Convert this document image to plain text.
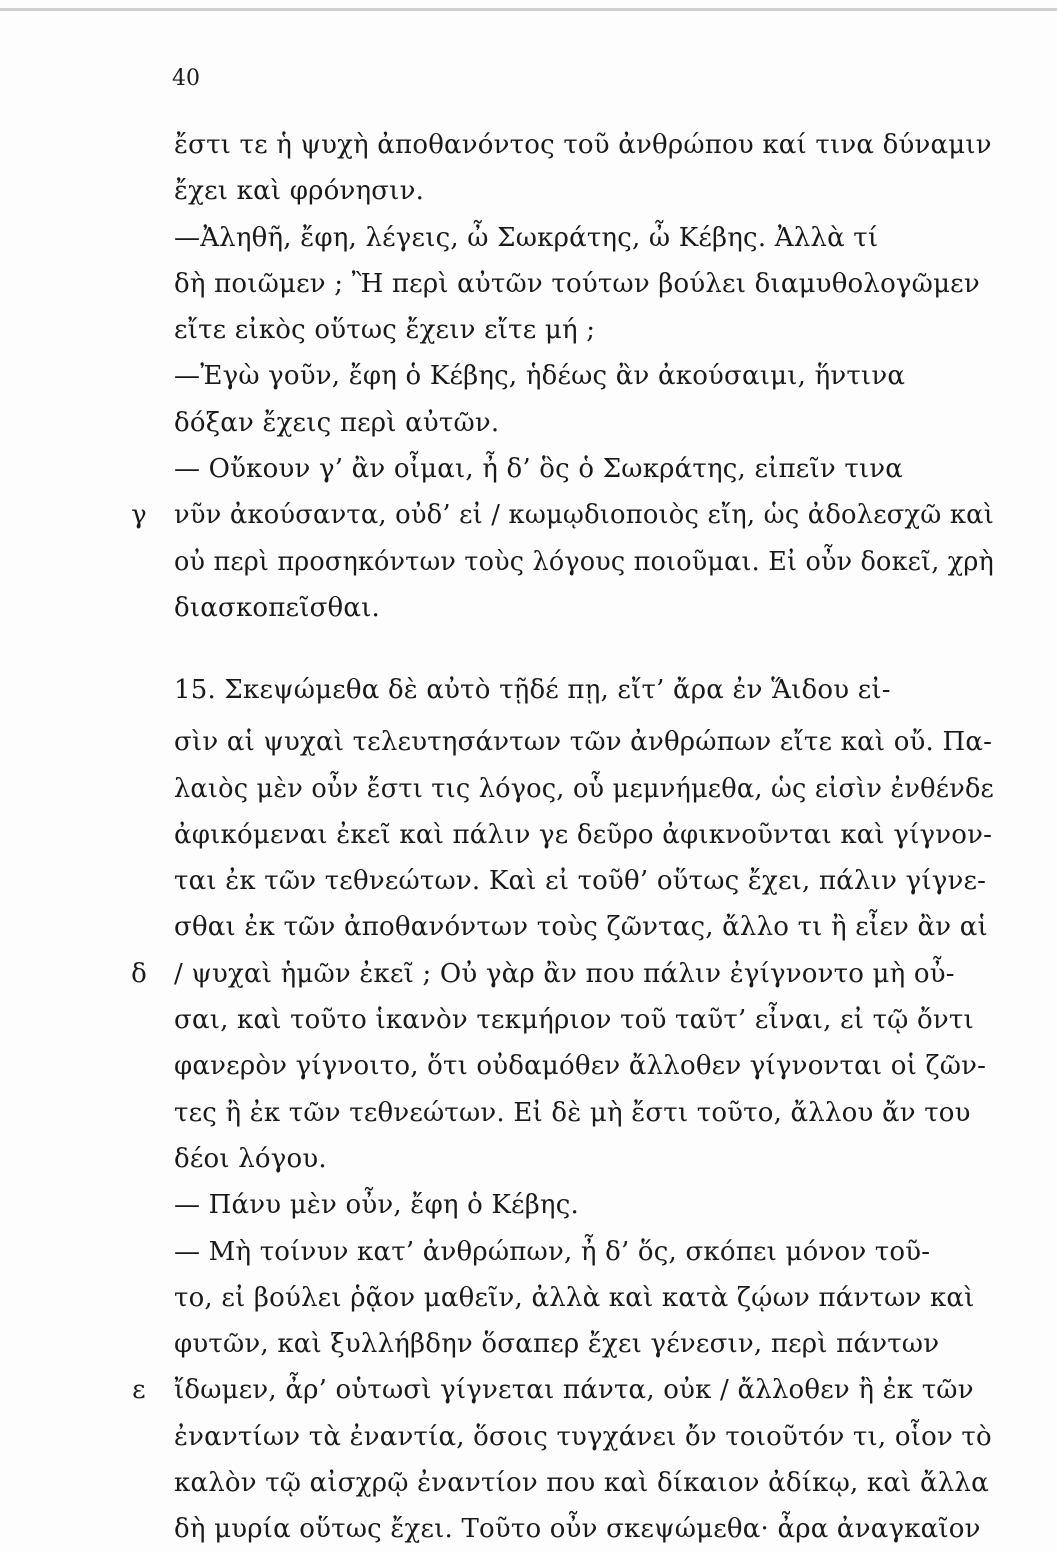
40
ἔστι τε ἡ ψυχὴ ἀποθανόντος τοῦ ἀνθρώπου καί τινα δύναμιν
ἔχει καὶ φρόνησιν.
—Ἀληθῆ, ἔφη, λέγεις, ὦ Σωκράτης, ὦ Κέβης. Ἀλλὰ τί
δὴ ποιῶμεν ; Ἢ περὶ αὐτῶν τούτων βούλει διαμυθολογῶμεν
εἴτε εἰκὸς οὕτως ἔχειν εἴτε μή ;
—Ἐγὼ γοῦν, ἔφη ὁ Κέβης, ἡδέως ἂν ἀκούσαιμι, ἥντινα
δόξαν ἔχεις περὶ αὐτῶν.
— Οὔκουν γ’ ἂν οἶμαι, ἦ δ’ ὃς ὁ Σωκράτης, εἰπεῖν τινα
γ νῦν ἀκούσαντα, οὐδ’ εἰ / κωμῳδιοποιὸς εἴη, ὡς ἀδολεσχῶ καὶ
οὐ περὶ προσηκόντων τοὺς λόγους ποιοῦμαι. Εἰ οὖν δοκεῖ, χρὴ
διασκοπεῖσθαι.
15. Σκεψώμεθα δὲ αὐτὸ τῇδέ πῃ, εἴτ’ ἄρα ἐν Ἅιδου εἰ-
σὶν αἱ ψυχαὶ τελευτησάντων τῶν ἀνθρώπων εἴτε καὶ οὔ. Πα-
λαιὸς μὲν οὖν ἔστι τις λόγος, οὗ μεμνήμεθα, ὡς εἰσὶν ἐνθένδε
ἀφικόμεναι ἐκεῖ καὶ πάλιν γε δεῦρο ἀφικνοῦνται καὶ γίγνον-
ται ἐκ τῶν τεθνεώτων. Καὶ εἰ τοῦθ’ οὕτως ἔχει, πάλιν γίγνε-
σθαι ἐκ τῶν ἀποθανόντων τοὺς ζῶντας, ἄλλο τι ἢ εἶεν ἂν αἱ
δ / ψυχαὶ ἡμῶν ἐκεῖ ; Οὐ γὰρ ἂν που πάλιν ἐγίγνοντο μὴ οὖ-
σαι, καὶ τοῦτο ἱκανὸν τεκμήριον τοῦ ταῦτ’ εἶναι, εἰ τῷ ὄντι
φανερὸν γίγνοιτο, ὅτι οὐδαμόθεν ἄλλοθεν γίγνονται οἱ ζῶν-
τες ἢ ἐκ τῶν τεθνεώτων. Εἰ δὲ μὴ ἔστι τοῦτο, ἄλλου ἄν του
δέοι λόγου.
— Πάνυ μὲν οὖν, ἔφη ὁ Κέβης.
— Μὴ τοίνυν κατ’ ἀνθρώπων, ἦ δ’ ὅς, σκόπει μόνον τοῦ-
το, εἰ βούλει ῥᾷον μαθεῖν, ἀλλὰ καὶ κατὰ ζῴων πάντων καὶ
φυτῶν, καὶ ξυλλήβδην ὅσαπερ ἔχει γένεσιν, περὶ πάντων
ε	ἴδωμεν, ἆρ’ οὑτωσὶ γίγνεται πάντα, οὐκ / ἄλλοθεν ἢ ἐκ τῶν
ἐναντίων τὰ ἐναντία, ὅσοις τυγχάνει ὄν τοιοῦτόν τι, οἷον τὸ
καλὸν τῷ αἰσχρῷ ἐναντίον που καὶ δίκαιον ἀδίκῳ, καὶ ἄλλα
δὴ μυρία οὕτως ἔχει. Τοῦτο οὖν σκεψώμεθα· ἆρα ἀναγκαῖον
